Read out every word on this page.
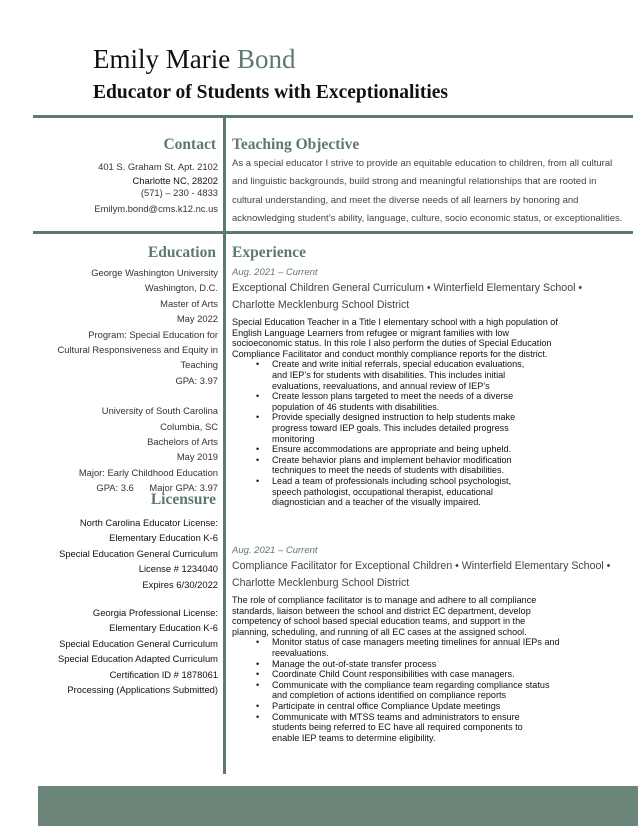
Emily Marie Bond
Educator of Students with Exceptionalities
Contact
401 S. Graham St. Apt. 2102
Charlotte NC, 28202
(571) – 230 - 4833
Emilym.bond@cms.k12.nc.us
Teaching Objective
As a special educator I strive to provide an equitable education to children, from all cultural and linguistic backgrounds, build strong and meaningful relationships that are rooted in cultural understanding, and meet the diverse needs of all learners by honoring and acknowledging student’s ability, language, culture, socio economic status, or exceptionalities.
Education
George Washington University
Washington, D.C.
Master of Arts
May 2022
Program: Special Education for
Cultural Responsiveness and Equity in
Teaching
GPA: 3.97
University of South Carolina
Columbia, SC
Bachelors of Arts
May 2019
Major: Early Childhood Education
GPA: 3.6      Major GPA: 3.97
Licensure
North Carolina Educator License:
Elementary Education K-6
Special Education General Curriculum
License # 1234040
Expires 6/30/2022
Georgia Professional License:
Elementary Education K-6
Special Education General Curriculum
Special Education Adapted Curriculum
Certification ID # 1878061
Processing (Applications Submitted)
Experience
Aug. 2021 – Current
Exceptional Children General Curriculum • Winterfield Elementary School • Charlotte Mecklenburg School District
Special Education Teacher in a Title I elementary school with a high population of English Language Learners from refugee or migrant families with low socioeconomic status. In this role I also perform the duties of Special Education Compliance Facilitator and conduct monthly compliance reports for the district.
• Create and write initial referrals, special education evaluations, and IEP’s for students with disabilities. This includes initial evaluations, reevaluations, and annual review of IEP’s
• Create lesson plans targeted to meet the needs of a diverse population of 46 students with disabilities.
• Provide specially designed instruction to help students make progress toward IEP goals. This includes detailed progress monitoring
• Ensure accommodations are appropriate and being upheld.
• Create behavior plans and implement behavior modification techniques to meet the needs of students with disabilities.
• Lead a team of professionals including school psychologist, speech pathologist, occupational therapist, educational diagnostician and a teacher of the visually impaired.
Aug. 2021 – Current
Compliance Facilitator for Exceptional Children • Winterfield Elementary School • Charlotte Mecklenburg School District
The role of compliance facilitator is to manage and adhere to all compliance standards, liaison between the school and district EC department, develop competency of school based special education teams, and support in the planning, scheduling, and running of all EC cases at the assigned school.
• Monitor status of case managers meeting timelines for annual IEPs and reevaluations.
• Manage the out-of-state transfer process
• Coordinate Child Count responsibilities with case managers.
• Communicate with the compliance team regarding compliance status and completion of actions identified on compliance reports
• Participate in central office Compliance Update meetings
• Communicate with MTSS teams and administrators to ensure students being referred to EC have all required components to enable IEP teams to determine eligibility.
